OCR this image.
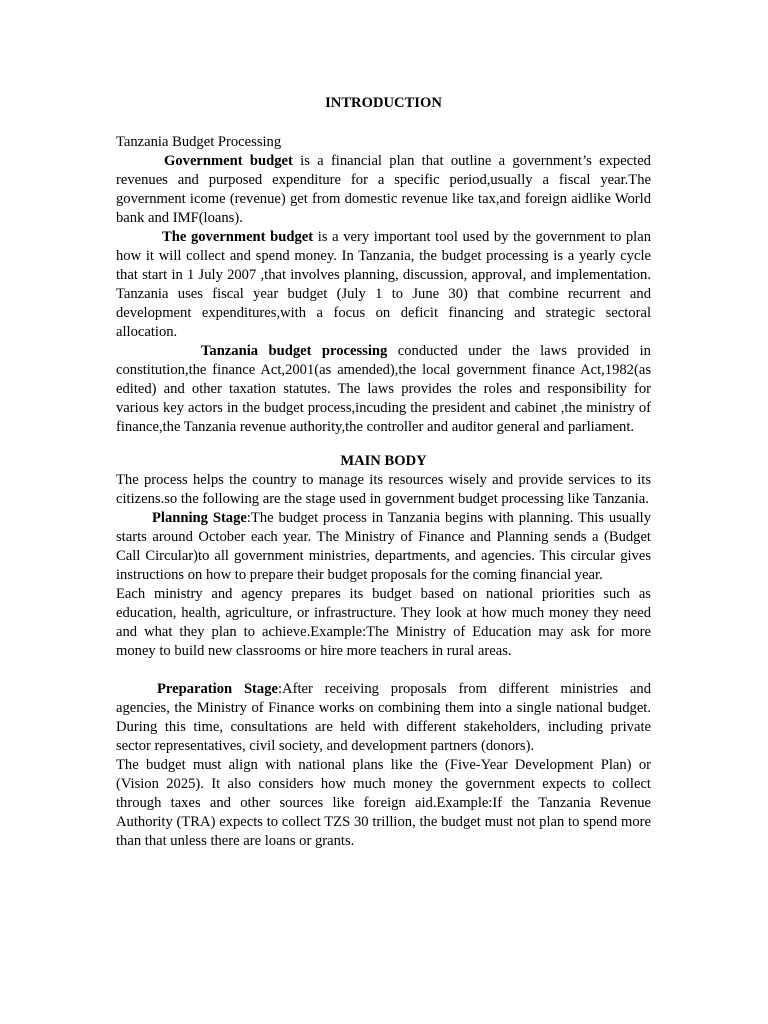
INTRODUCTION

Tanzania Budget Processing

Government budget is a financial plan that outline a government’s expected revenues and purposed expenditure for a specific period,usually a fiscal year.The government icome (revenue) get from domestic revenue like tax,and foreign aidlike World bank and IMF(loans).

The government budget is a very important tool used by the government to plan how it will collect and spend money. In Tanzania, the budget processing is a yearly cycle that start in 1 July 2007 ,that involves planning, discussion, approval, and implementation. Tanzania uses fiscal year budget (July 1 to June 30) that combine recurrent and development expenditures,with a focus on deficit financing and strategic sectoral allocation.

Tanzania budget processing conducted under the laws provided in constitution,the finance Act,2001(as amended),the local government finance Act,1982(as edited) and other taxation statutes. The laws provides the roles and responsibility for various key actors in the budget process,incuding the president and cabinet ,the ministry of finance,the Tanzania revenue authority,the controller and auditor general and parliament.

MAIN BODY

The process helps the country to manage its resources wisely and provide services to its citizens.so the following are the stage used in government budget processing like Tanzania.

Planning Stage:The budget process in Tanzania begins with planning. This usually starts around October each year. The Ministry of Finance and Planning sends a (Budget Call Circular)to all government ministries, departments, and agencies. This circular gives instructions on how to prepare their budget proposals for the coming financial year.

Each ministry and agency prepares its budget based on national priorities such as education, health, agriculture, or infrastructure. They look at how much money they need and what they plan to achieve.Example:The Ministry of Education may ask for more money to build new classrooms or hire more teachers in rural areas.

Preparation Stage:After receiving proposals from different ministries and agencies, the Ministry of Finance works on combining them into a single national budget. During this time, consultations are held with different stakeholders, including private sector representatives, civil society, and development partners (donors).

The budget must align with national plans like the (Five-Year Development Plan) or (Vision 2025). It also considers how much money the government expects to collect through taxes and other sources like foreign aid.Example:If the Tanzania Revenue Authority (TRA) expects to collect TZS 30 trillion, the budget must not plan to spend more than that unless there are loans or grants.
